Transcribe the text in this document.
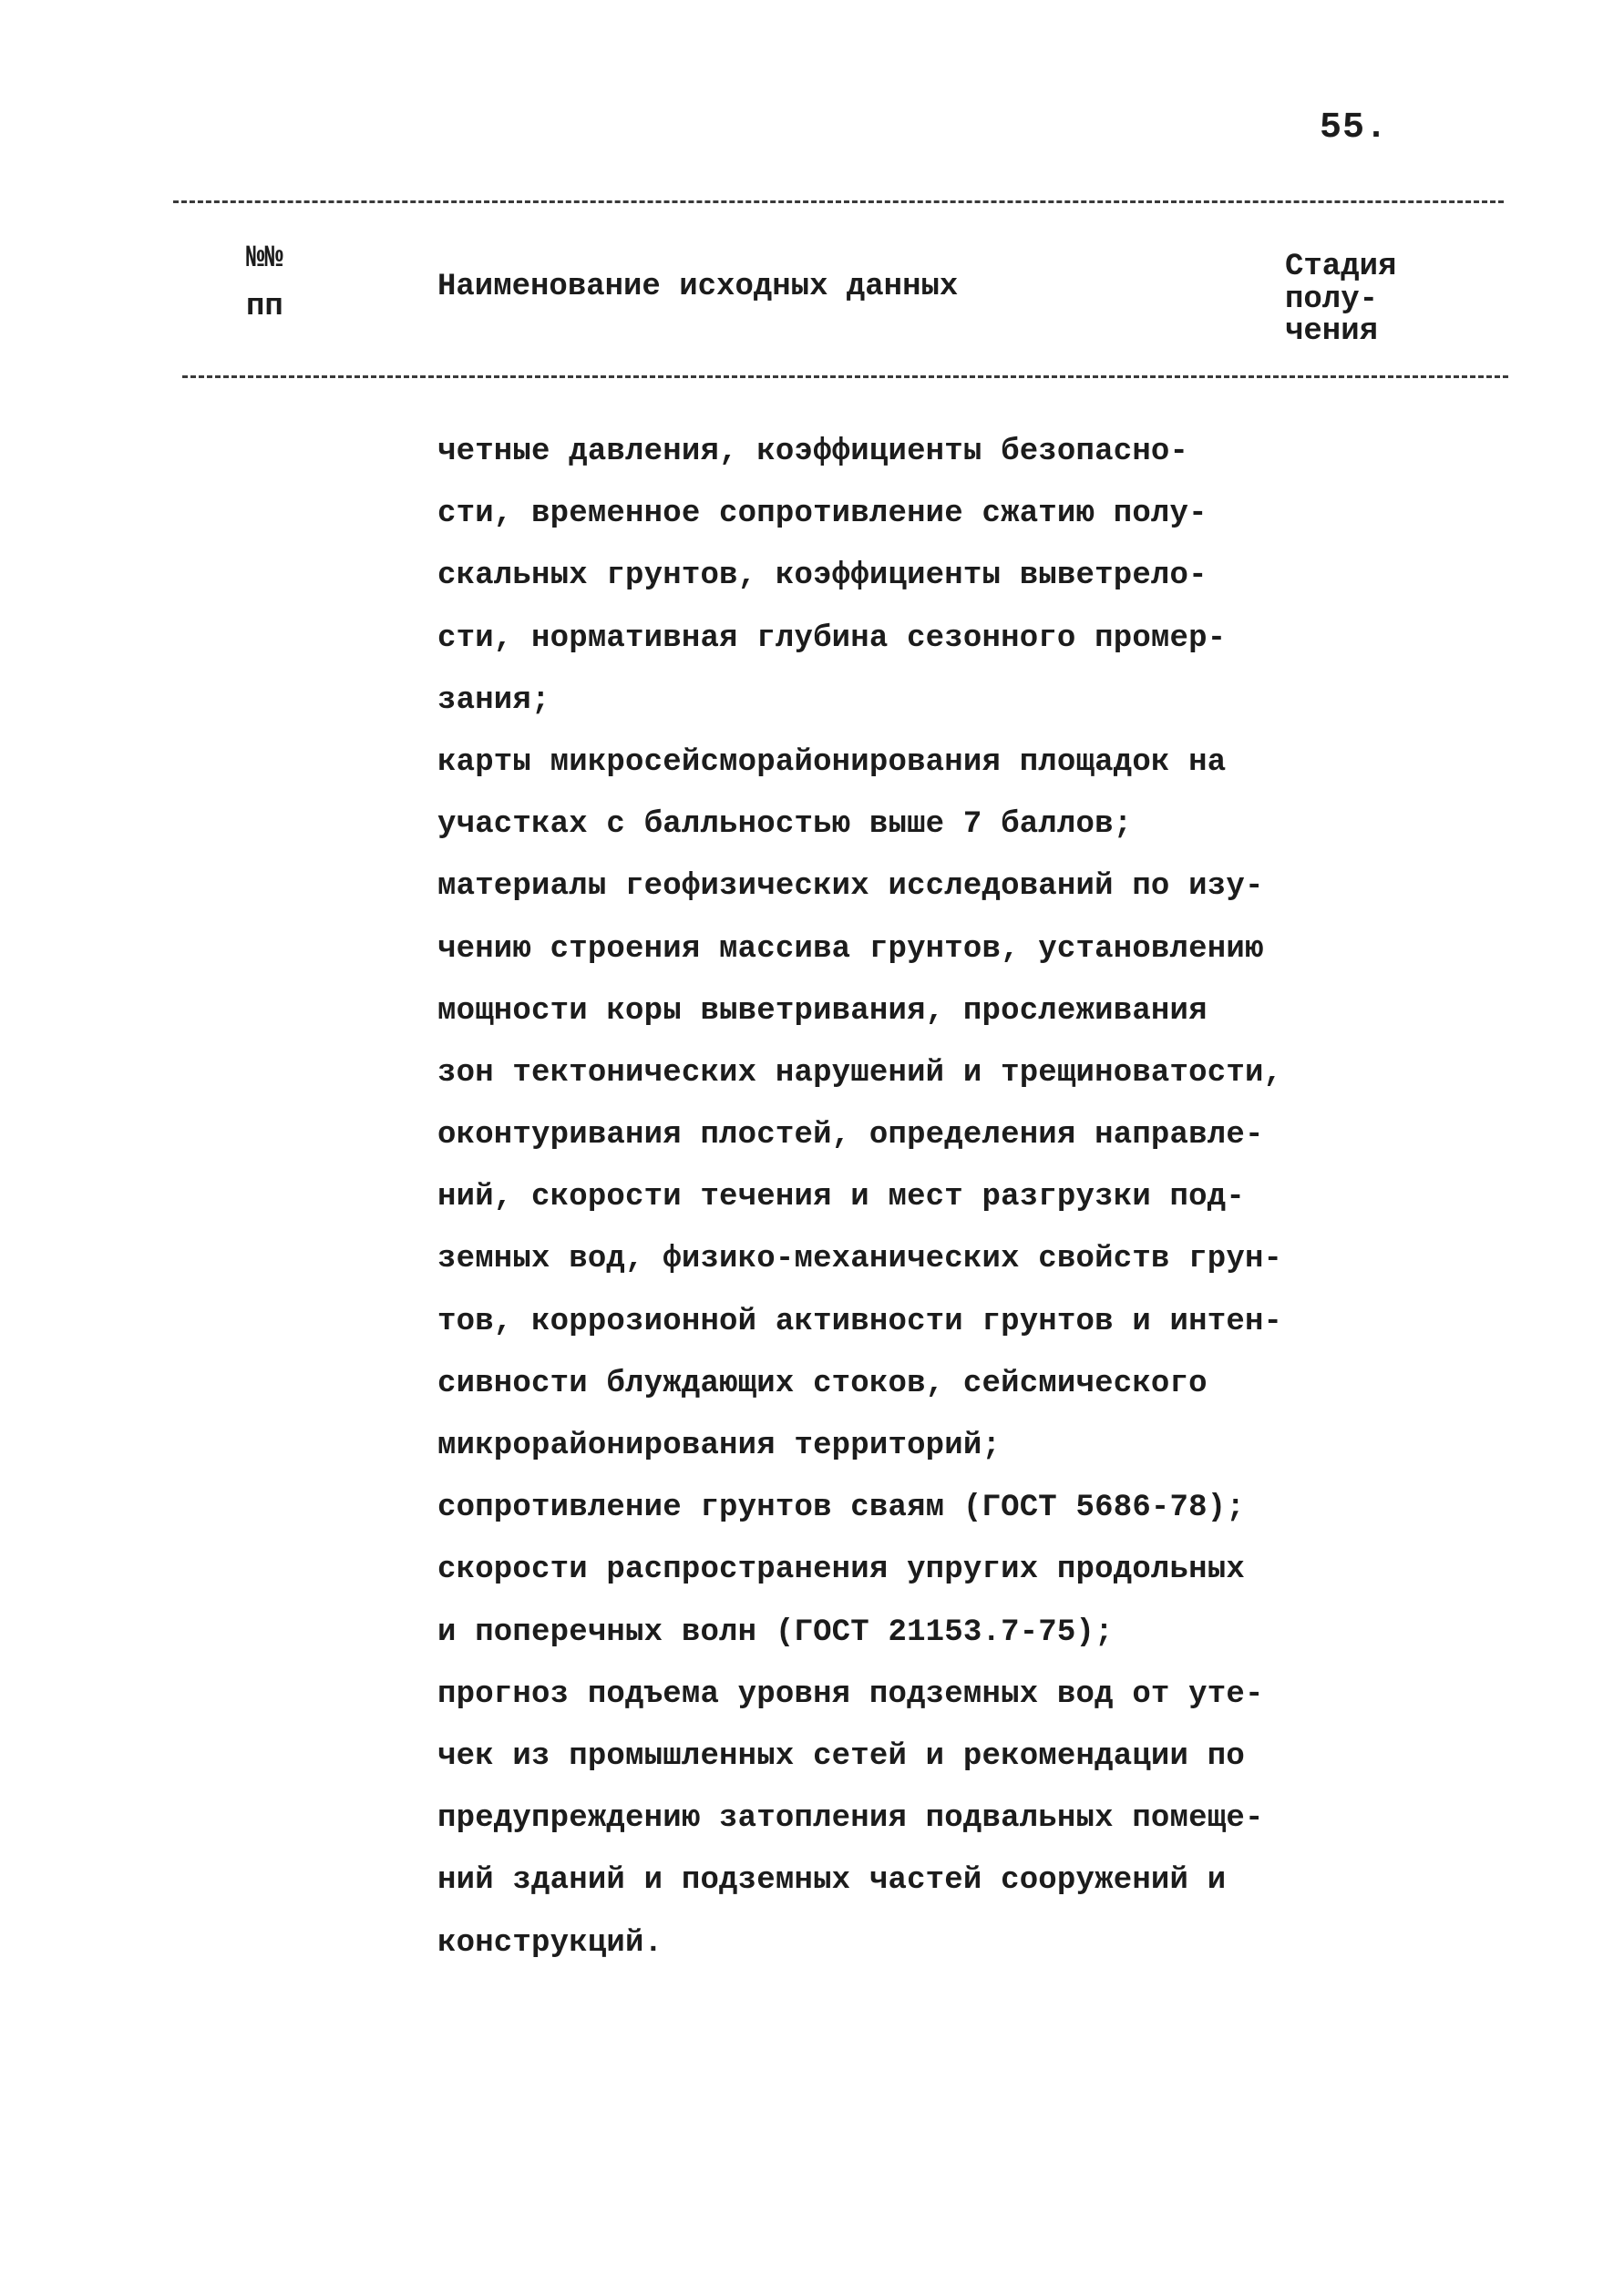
55.
№№
пп
Наименование исходных данных
Стадия
полу-
чения
четные давления, коэффициенты безопасно-
сти, временное сопротивление сжатию полу-
скальных грунтов, коэффициенты выветрело-
сти, нормативная глубина сезонного промер-
зания;
карты микросейсморайонирования площадок на
участках с балльностью выше 7 баллов;
материалы геофизических исследований по изу-
чению строения массива грунтов, установлению
мощности коры выветривания, прослеживания
зон тектонических нарушений и трещиноватости,
оконтуривания плостей, определения направле-
ний, скорости течения и мест разгрузки под-
земных вод, физико-механических свойств грун-
тов, коррозионной активности грунтов и интен-
сивности блуждающих стоков, сейсмического
микрорайонирования территорий;
сопротивление грунтов сваям (ГОСТ 5686-78);
скорости распространения упругих продольных
и поперечных волн (ГОСТ 21153.7-75);
прогноз подъема уровня подземных вод от уте-
чек из промышленных сетей и рекомендации по
предупреждению затопления подвальных помеще-
ний зданий и подземных частей сооружений и
конструкций.
